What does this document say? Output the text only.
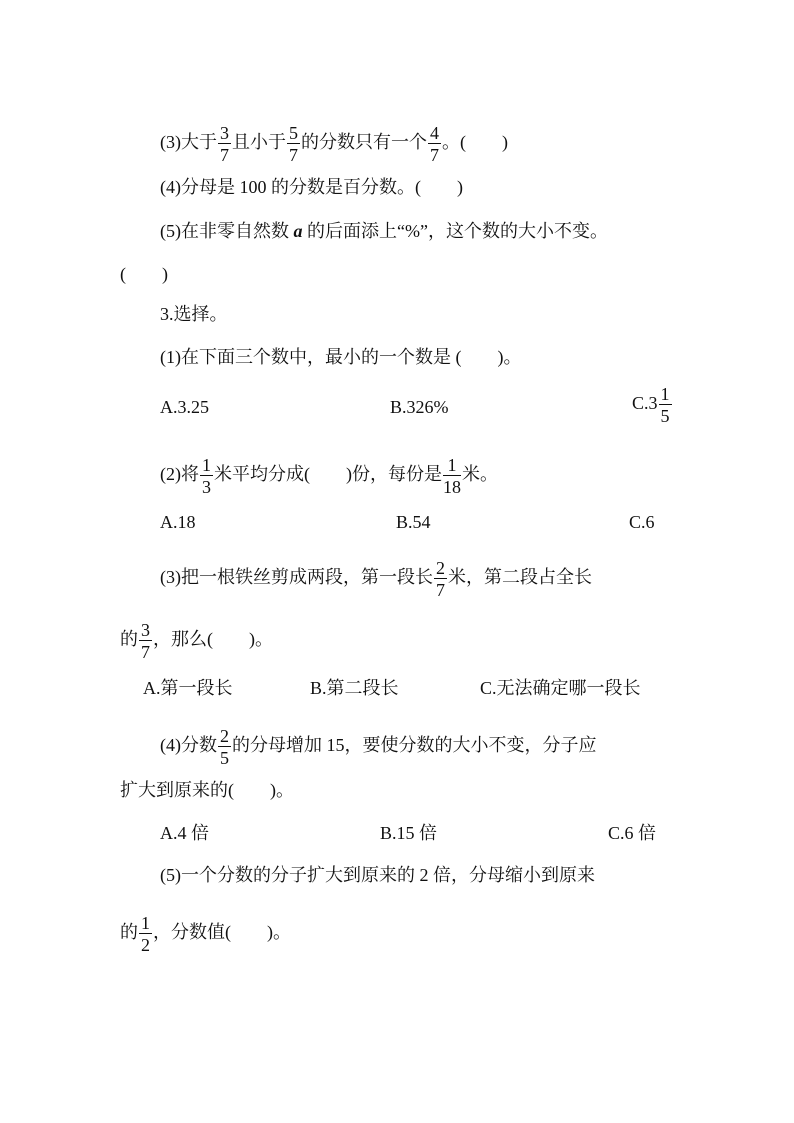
(3)大于 $\frac{3}{7}$ 且小于 $\frac{5}{7}$ 的分数只有一个 $\frac{4}{7}$ 。(　　)
(4)分母是 100 的分数是百分数。(　　)
(5)在非零自然数 a 的后面添上“%”，这个数的大小不变。
(　　)
3.选择。
(1)在下面三个数中，最小的一个数是 (　　)。
A.3.25	B.326%	$C.3 \frac{1}{5}$
(2)将 $\frac{1}{3}$ 米平均分成(　　)份，每份是 $\frac{1}{18}$ 米。
A.18	B.54	C.6
(3)把一根铁丝剪成两段，第一段长 $\frac{2}{7}$ 米，第二段占全长
的 $\frac{3}{7}$ ，那么(　　)。
A.第一段长	B.第二段长	C.无法确定哪一段长
(4)分数 $\frac{2}{5}$ 的分母增加 15，要使分数的大小不变，分子应
扩大到原来的(　　)。
A.4 倍	B.15 倍	C.6 倍
(5)一个分数的分子扩大到原来的 2 倍，分母缩小到原来
的 $\frac{1}{2}$ ，分数值(　　)。
